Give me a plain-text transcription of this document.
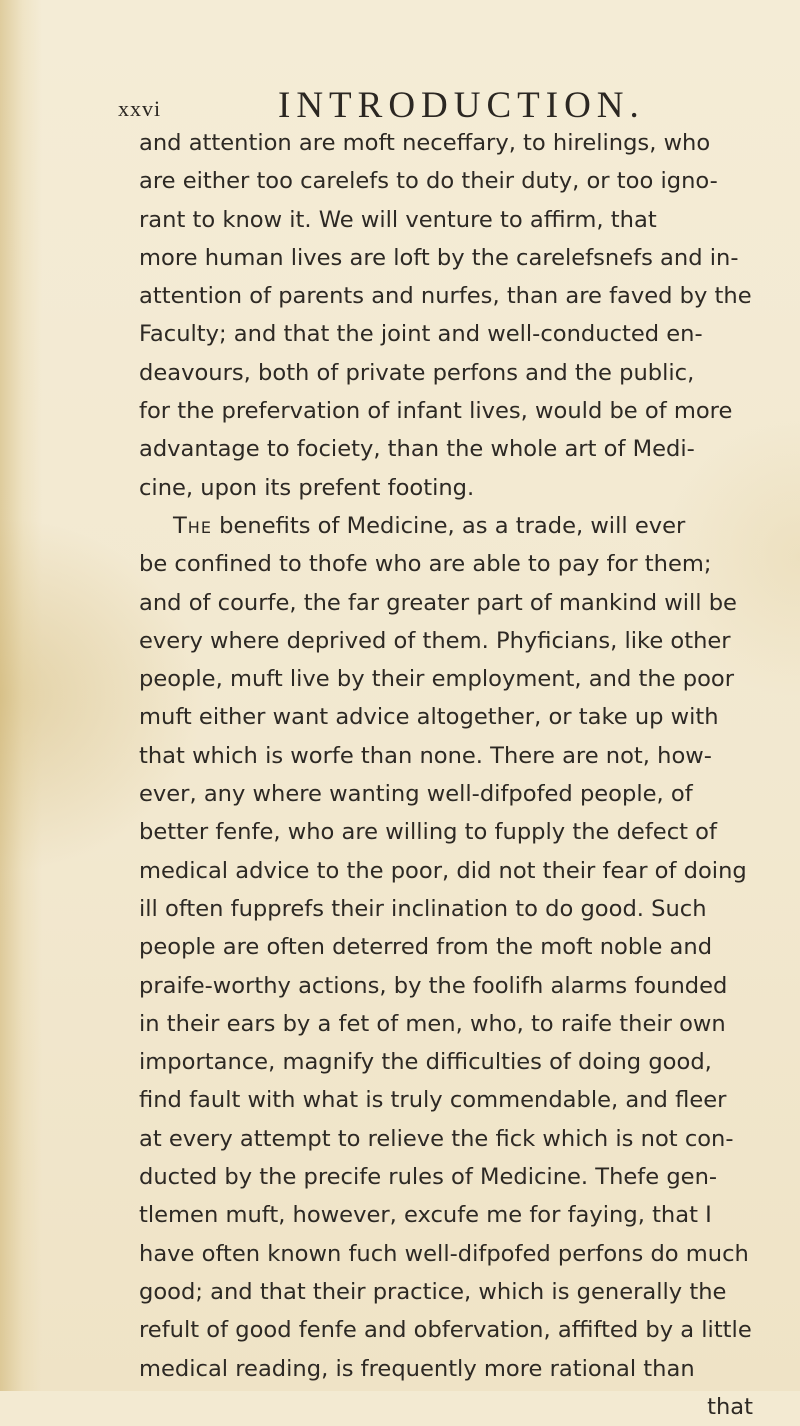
xxvi	INTRODUCTION.
and attention are moft neceffary, to hirelings, who
are either too carelefs to do their duty, or too igno-
rant to know it. We will venture to affirm, that
more human lives are loft by the carelefsnefs and in-
attention of parents and nurfes, than are faved by the
Faculty; and that the joint and well-conducted en-
deavours, both of private perfons and the public,
for the prefervation of infant lives, would be of more
advantage to fociety, than the whole art of Medi-
cine, upon its prefent footing.
The benefits of Medicine, as a trade, will ever
be confined to thofe who are able to pay for them;
and of courfe, the far greater part of mankind will be
every where deprived of them. Phyficians, like other
people, muft live by their employment, and the poor
muft either want advice altogether, or take up with
that which is worfe than none. There are not, how-
ever, any where wanting well-difpofed people, of
better fenfe, who are willing to fupply the defect of
medical advice to the poor, did not their fear of doing
ill often fupprefs their inclination to do good. Such
people are often deterred from the moft noble and
praife-worthy actions, by the foolifh alarms founded
in their ears by a fet of men, who, to raife their own
importance, magnify the difficulties of doing good,
find fault with what is truly commendable, and fleer
at every attempt to relieve the fick which is not con-
ducted by the precife rules of Medicine. Thefe gen-
tlemen muft, however, excufe me for faying, that I
have often known fuch well-difpofed perfons do much
good; and that their practice, which is generally the
refult of good fenfe and obfervation, affifted by a little
medical reading, is frequently more rational than
that
